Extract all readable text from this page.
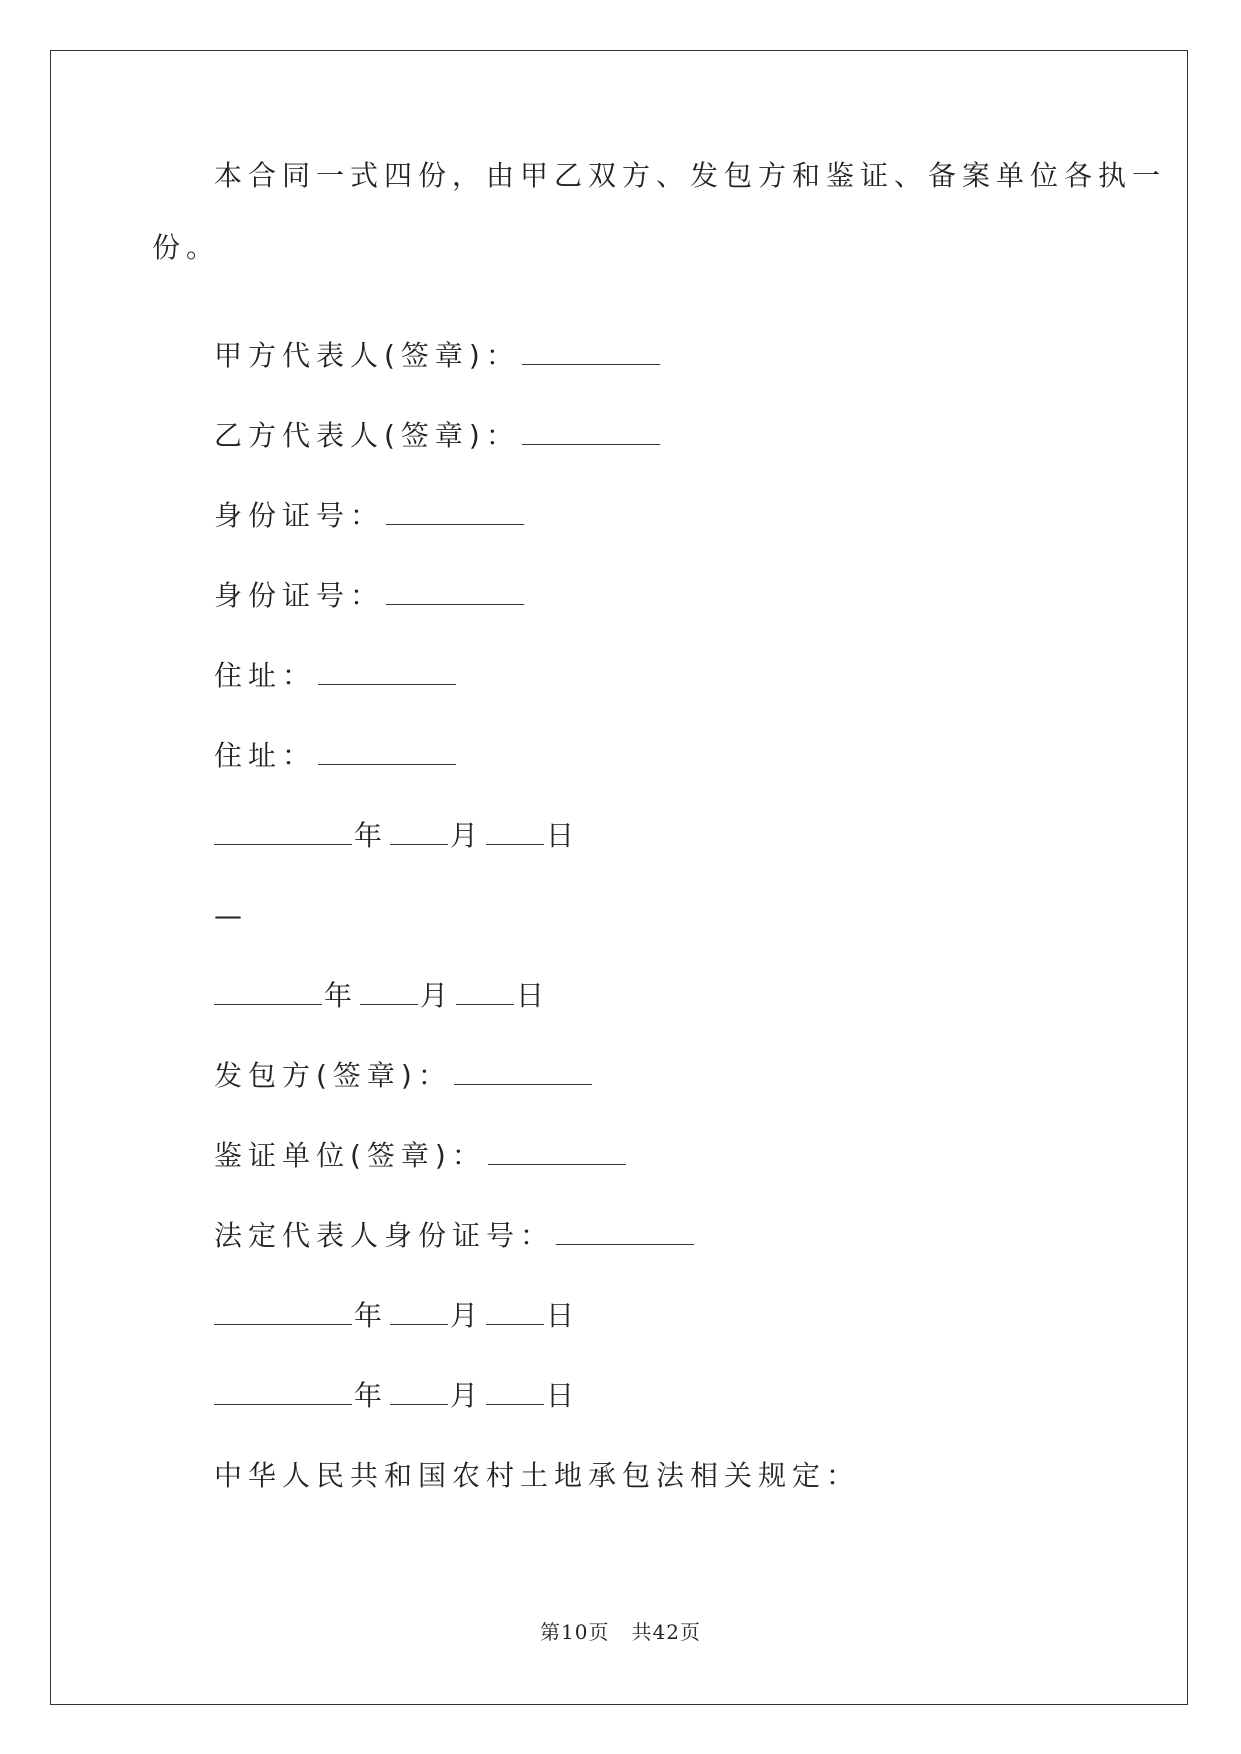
本合同一式四份，由甲乙双方、发包方和鉴证、备案单位各执一
份。
甲方代表人(签章)：
乙方代表人(签章)：
身份证号：
身份证号：
住址：
住址：
年 月 日
—
年 月 日
发包方(签章)：
鉴证单位(签章)：
法定代表人身份证号：
年 月 日
年 月 日
中华人民共和国农村土地承包法相关规定：
第10页 共42页
